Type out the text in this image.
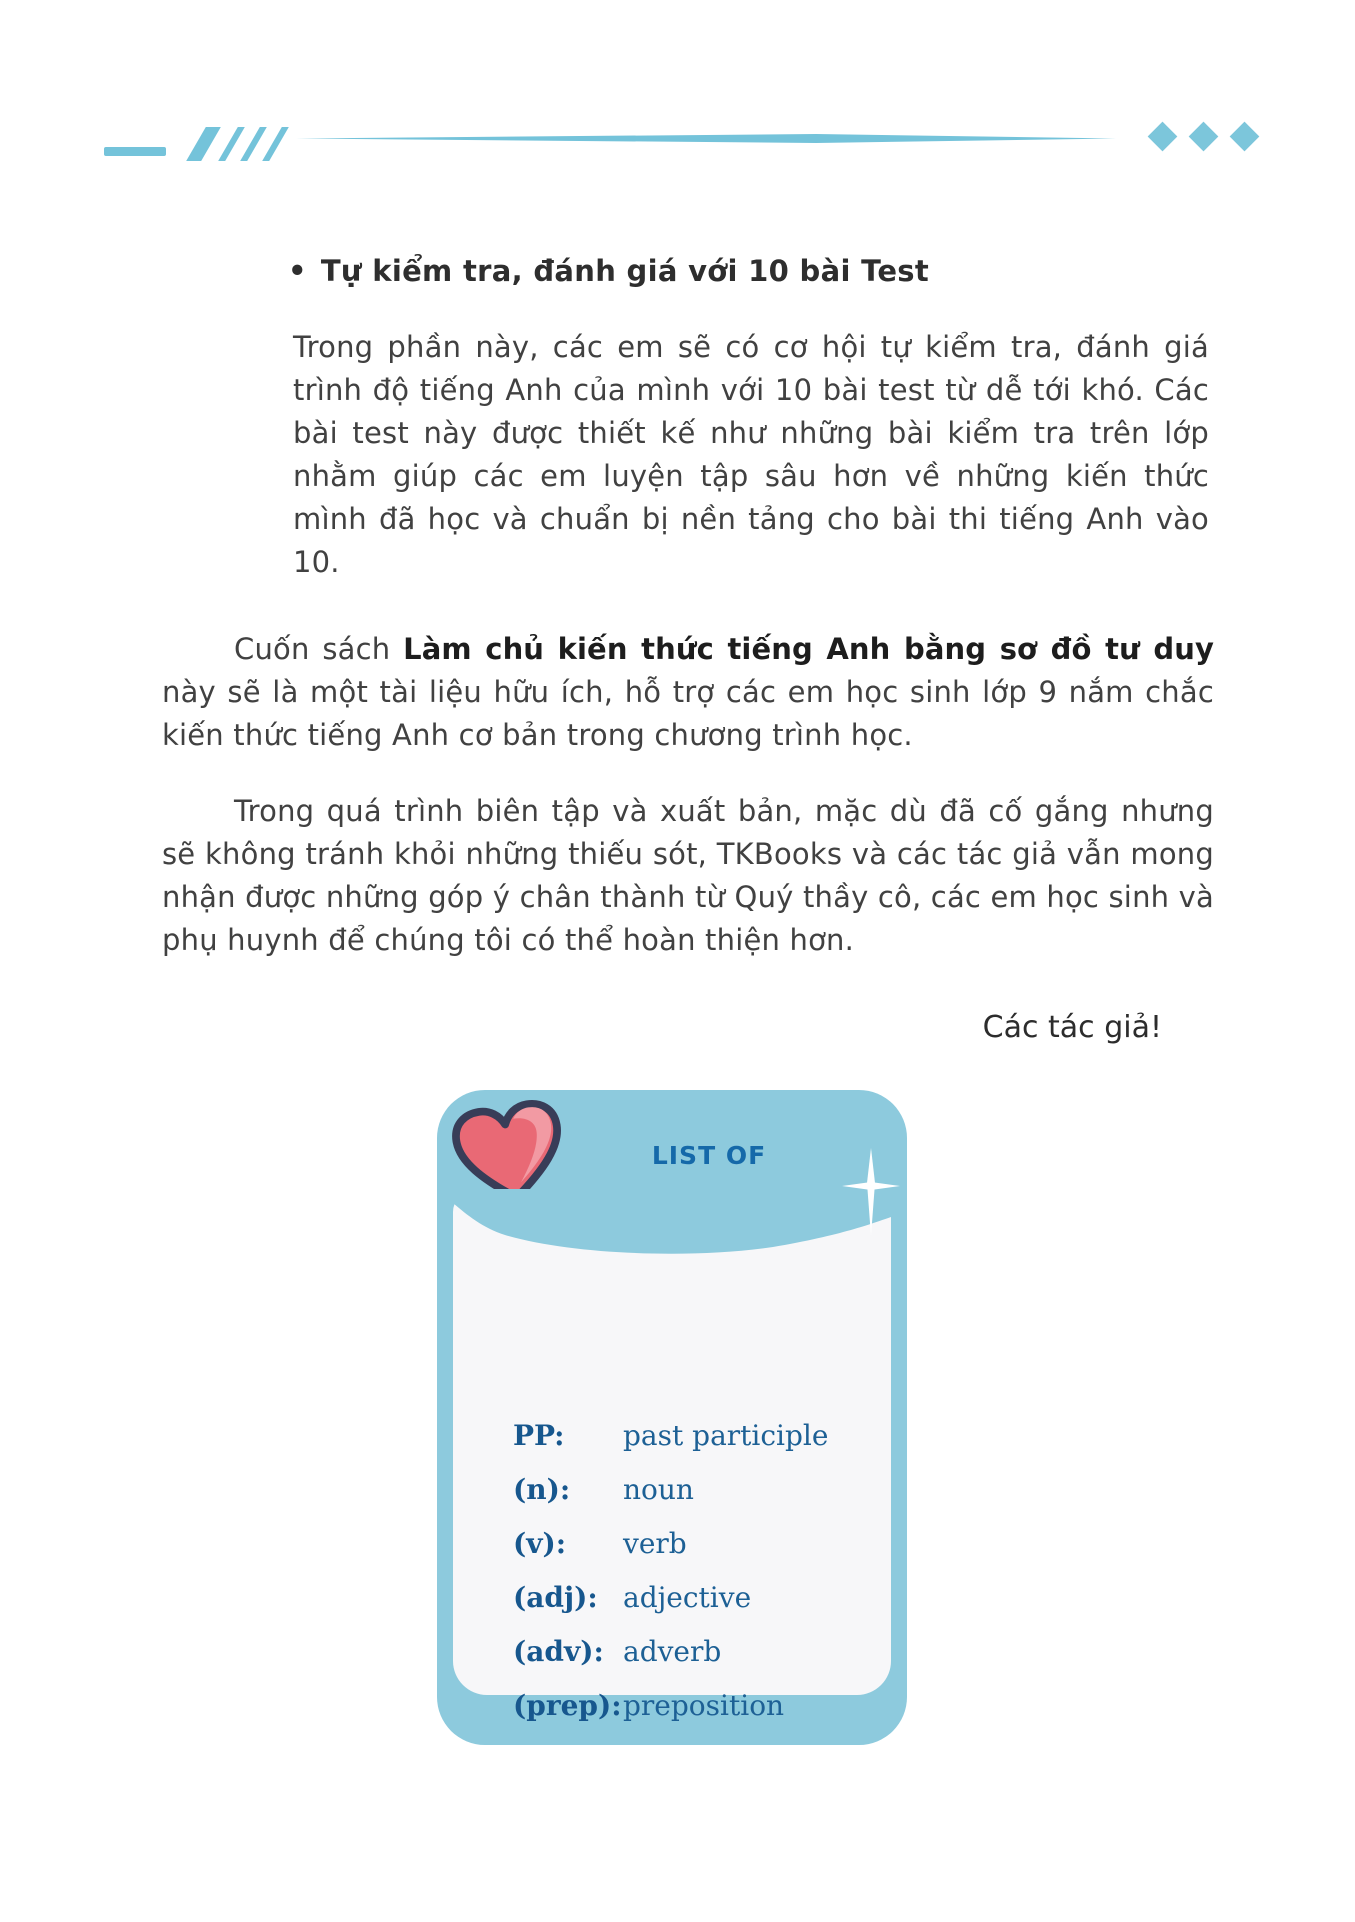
• Tự kiểm tra, đánh giá với 10 bài Test

Trong phần này, các em sẽ có cơ hội tự kiểm tra, đánh giá trình độ tiếng Anh của mình với 10 bài test từ dễ tới khó. Các bài test này được thiết kế như những bài kiểm tra trên lớp nhằm giúp các em luyện tập sâu hơn về những kiến thức mình đã học và chuẩn bị nền tảng cho bài thi tiếng Anh vào 10.

Cuốn sách Làm chủ kiến thức tiếng Anh bằng sơ đồ tư duy này sẽ là một tài liệu hữu ích, hỗ trợ các em học sinh lớp 9 nắm chắc kiến thức tiếng Anh cơ bản trong chương trình học.

Trong quá trình biên tập và xuất bản, mặc dù đã cố gắng nhưng sẽ không tránh khỏi những thiếu sót, TKBooks và các tác giả vẫn mong nhận được những góp ý chân thành từ Quý thầy cô, các em học sinh và phụ huynh để chúng tôi có thể hoàn thiện hơn.

Các tác giả!
LIST OF
PP:	past participle
(n):	noun
(v):	verb
(adj): adjective
(adv): adverb
(prep): preposition
